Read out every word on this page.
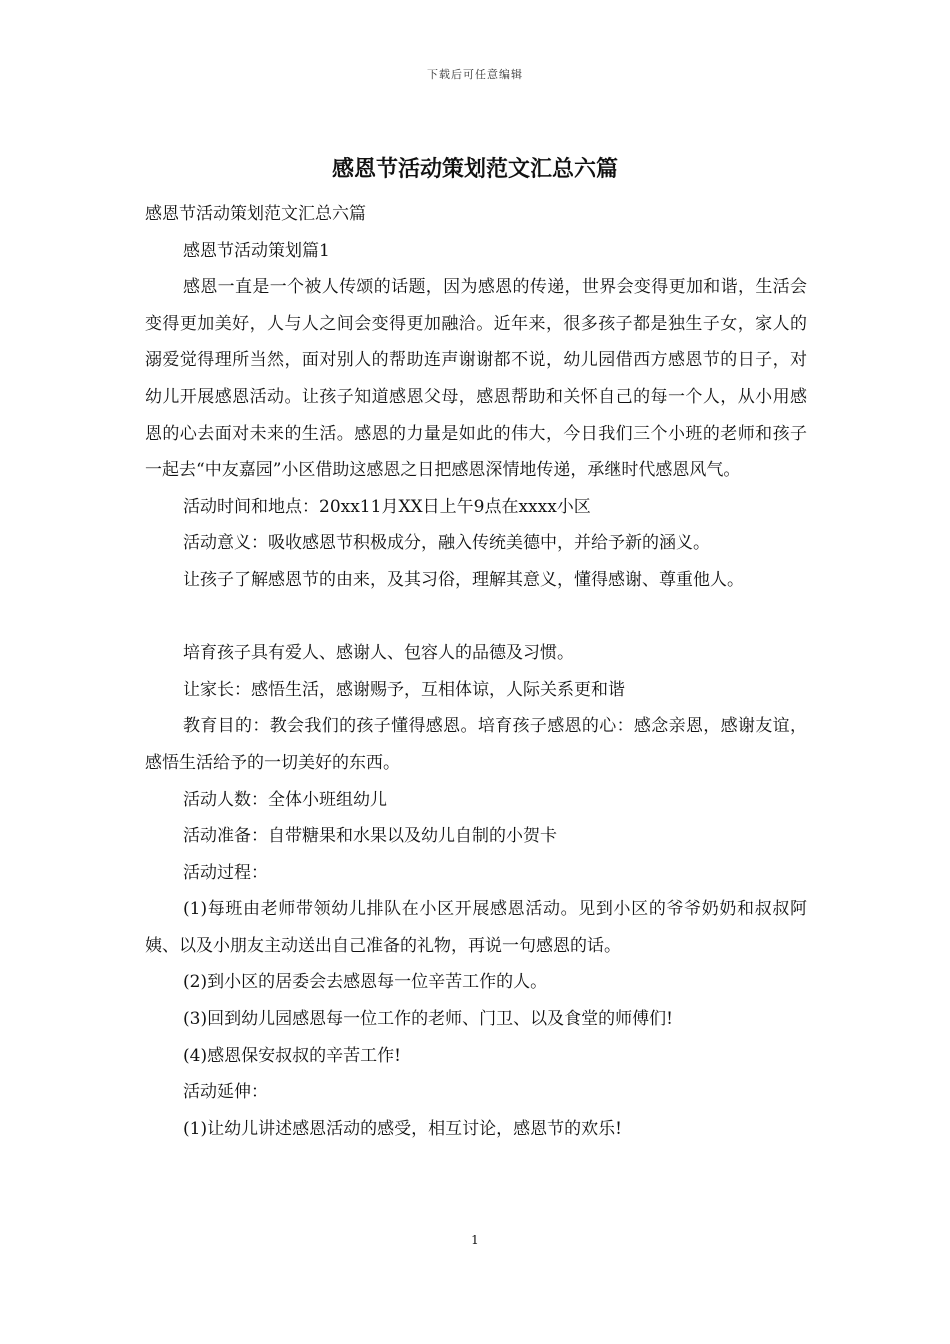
下载后可任意编辑
感恩节活动策划范文汇总六篇

感恩节活动策划范文汇总六篇

感恩节活动策划篇1

感恩一直是一个被人传颂的话题，因为感恩的传递，世界会变得更加和谐，生活会变得更加美好，人与人之间会变得更加融洽。近年来，很多孩子都是独生子女，家人的溺爱觉得理所当然，面对别人的帮助连声谢谢都不说，幼儿园借西方感恩节的日子，对幼儿开展感恩活动。让孩子知道感恩父母，感恩帮助和关怀自己的每一个人，从小用感恩的心去面对未来的生活。感恩的力量是如此的伟大，今日我们三个小班的老师和孩子一起去“中友嘉园”小区借助这感恩之日把感恩深情地传递，承继时代感恩风气。

活动时间和地点：20xx11月XX日上午9点在xxxx小区

活动意义：吸收感恩节积极成分，融入传统美德中，并给予新的涵义。

让孩子了解感恩节的由来，及其习俗，理解其意义，懂得感谢、尊重他人。

培育孩子具有爱人、感谢人、包容人的品德及习惯。

让家长：感悟生活，感谢赐予，互相体谅，人际关系更和谐

教育目的：教会我们的孩子懂得感恩。培育孩子感恩的心：感念亲恩，感谢友谊，感悟生活给予的一切美好的东西。

活动人数：全体小班组幼儿

活动准备：自带糖果和水果以及幼儿自制的小贺卡

活动过程：

(1)每班由老师带领幼儿排队在小区开展感恩活动。见到小区的爷爷奶奶和叔叔阿姨、以及小朋友主动送出自己准备的礼物，再说一句感恩的话。

(2)到小区的居委会去感恩每一位辛苦工作的人。

(3)回到幼儿园感恩每一位工作的老师、门卫、以及食堂的师傅们!

(4)感恩保安叔叔的辛苦工作!

活动延伸：

(1)让幼儿讲述感恩活动的感受，相互讨论，感恩节的欢乐!

1
